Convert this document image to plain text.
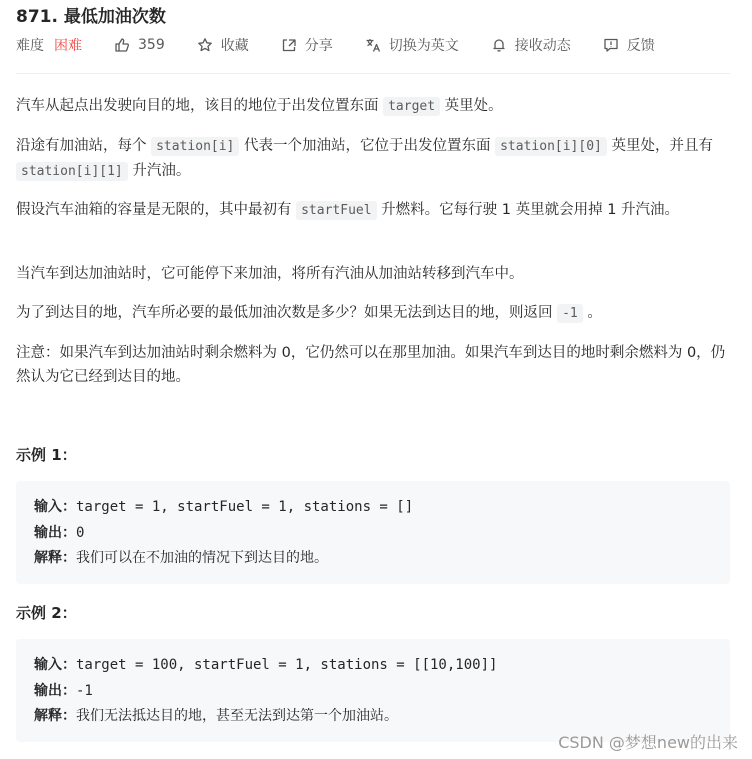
871. 最低加油次数
难度 困难	359	收藏	分享	切换为英文	接收动态	反馈

汽车从起点出发驶向目的地，该目的地位于出发位置东面 target 英里处。

沿途有加油站，每个 station[i] 代表一个加油站，它位于出发位置东面 station[i][0] 英里处，并且有 station[i][1] 升汽油。

假设汽车油箱的容量是无限的，其中最初有 startFuel 升燃料。它每行驶 1 英里就会用掉 1 升汽油。

当汽车到达加油站时，它可能停下来加油，将所有汽油从加油站转移到汽车中。

为了到达目的地，汽车所必要的最低加油次数是多少？如果无法到达目的地，则返回 -1 。

注意：如果汽车到达加油站时剩余燃料为 0，它仍然可以在那里加油。如果汽车到达目的地时剩余燃料为 0，仍然认为它已经到达目的地。

示例 1：
输入：target = 1, startFuel = 1, stations = []
输出：0
解释：我们可以在不加油的情况下到达目的地。
示例 2：
输入：target = 100, startFuel = 1, stations = [[10,100]]
输出：-1
解释：我们无法抵达目的地，甚至无法到达第一个加油站。
CSDN @梦想new的出来
